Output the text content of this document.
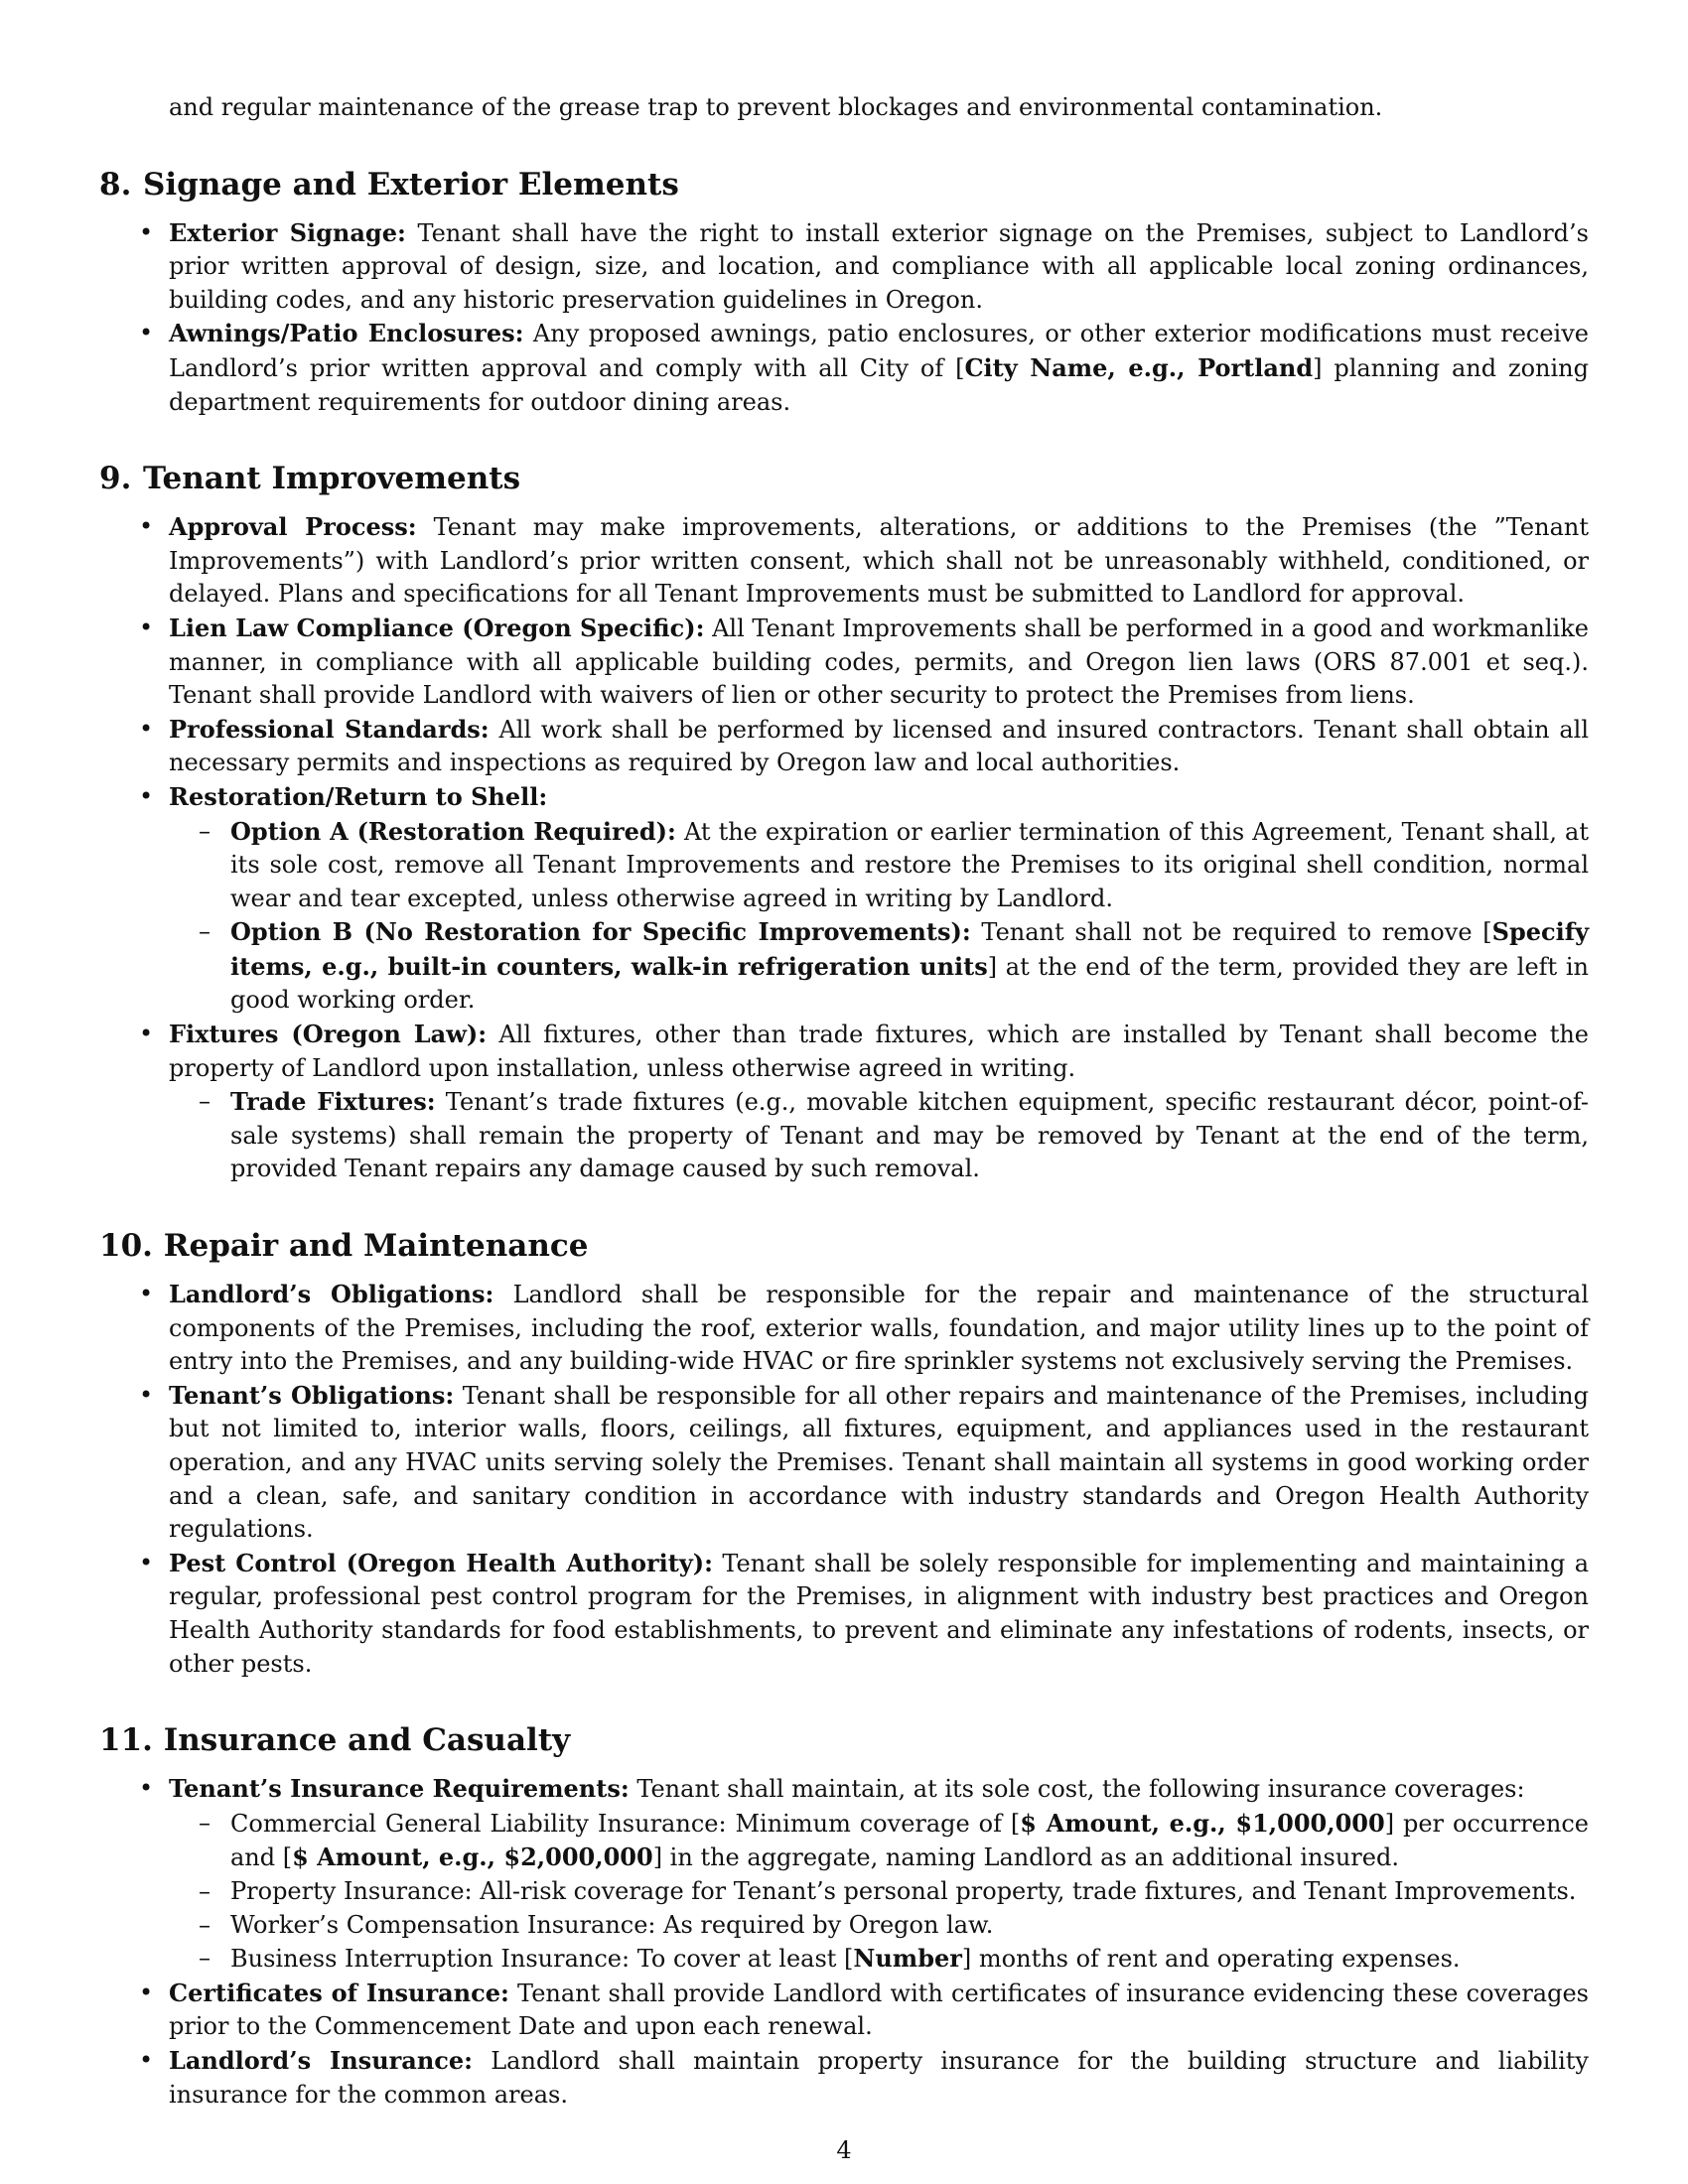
and regular maintenance of the grease trap to prevent blockages and environmental contamination.

8. Signage and Exterior Elements
• Exterior Signage: Tenant shall have the right to install exterior signage on the Premises, subject to Landlord’s prior written approval of design, size, and location, and compliance with all applicable local zoning ordinances, building codes, and any historic preservation guidelines in Oregon.
• Awnings/Patio Enclosures: Any proposed awnings, patio enclosures, or other exterior modifications must receive Landlord’s prior written approval and comply with all City of [City Name, e.g., Portland] planning and zoning department requirements for outdoor dining areas.
9. Tenant Improvements
• Approval Process: Tenant may make improvements, alterations, or additions to the Premises (the ”Tenant Improvements”) with Landlord’s prior written consent, which shall not be unreasonably withheld, conditioned, or delayed. Plans and specifications for all Tenant Improvements must be submitted to Landlord for approval.
• Lien Law Compliance (Oregon Specific): All Tenant Improvements shall be performed in a good and workmanlike manner, in compliance with all applicable building codes, permits, and Oregon lien laws (ORS 87.001 et seq.). Tenant shall provide Landlord with waivers of lien or other security to protect the Premises from liens.
• Professional Standards: All work shall be performed by licensed and insured contractors. Tenant shall obtain all necessary permits and inspections as required by Oregon law and local authorities.
• Restoration/Return to Shell:
– Option A (Restoration Required): At the expiration or earlier termination of this Agreement, Tenant shall, at its sole cost, remove all Tenant Improvements and restore the Premises to its original shell condition, normal wear and tear excepted, unless otherwise agreed in writing by Landlord.
– Option B (No Restoration for Specific Improvements): Tenant shall not be required to remove [Specify items, e.g., built-in counters, walk-in refrigeration units] at the end of the term, provided they are left in good working order.
• Fixtures (Oregon Law): All fixtures, other than trade fixtures, which are installed by Tenant shall become the property of Landlord upon installation, unless otherwise agreed in writing.
– Trade Fixtures: Tenant’s trade fixtures (e.g., movable kitchen equipment, specific restaurant décor, point-of-sale systems) shall remain the property of Tenant and may be removed by Tenant at the end of the term, provided Tenant repairs any damage caused by such removal.
10. Repair and Maintenance
• Landlord’s Obligations: Landlord shall be responsible for the repair and maintenance of the structural components of the Premises, including the roof, exterior walls, foundation, and major utility lines up to the point of entry into the Premises, and any building-wide HVAC or fire sprinkler systems not exclusively serving the Premises.
• Tenant’s Obligations: Tenant shall be responsible for all other repairs and maintenance of the Premises, including but not limited to, interior walls, floors, ceilings, all fixtures, equipment, and appliances used in the restaurant operation, and any HVAC units serving solely the Premises. Tenant shall maintain all systems in good working order and a clean, safe, and sanitary condition in accordance with industry standards and Oregon Health Authority regulations.
• Pest Control (Oregon Health Authority): Tenant shall be solely responsible for implementing and maintaining a regular, professional pest control program for the Premises, in alignment with industry best practices and Oregon Health Authority standards for food establishments, to prevent and eliminate any infestations of rodents, insects, or other pests.
11. Insurance and Casualty
• Tenant’s Insurance Requirements: Tenant shall maintain, at its sole cost, the following insurance coverages:
– Commercial General Liability Insurance: Minimum coverage of [$ Amount, e.g., $1,000,000] per occurrence and [$ Amount, e.g., $2,000,000] in the aggregate, naming Landlord as an additional insured.
– Property Insurance: All-risk coverage for Tenant’s personal property, trade fixtures, and Tenant Improvements.
– Worker’s Compensation Insurance: As required by Oregon law.
– Business Interruption Insurance: To cover at least [Number] months of rent and operating expenses.
• Certificates of Insurance: Tenant shall provide Landlord with certificates of insurance evidencing these coverages prior to the Commencement Date and upon each renewal.
• Landlord’s Insurance: Landlord shall maintain property insurance for the building structure and liability insurance for the common areas.
4
